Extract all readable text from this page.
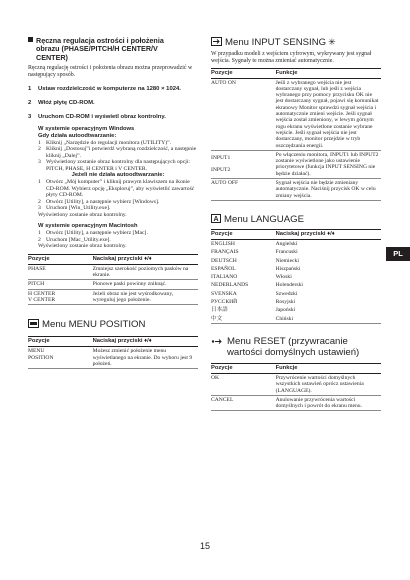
Ręczna regulacja ostrości i położenia
obrazu (PHASE/PITCH/H CENTER/V
CENTER)
Ręczną regulację ostrości i położenia obrazu można przeprowadzić w następujący sposób.
1	Ustaw rozdzielczość w komputerze na 1280 × 1024.
2	Włóż płytę CD-ROM.
3	Uruchom CD-ROM i wyświetl obraz kontrolny.
W systemie operacyjnym Windows
Gdy działa autoodtwarzanie:
1 Kliknij „Narzędzie do regulacji monitora (UTILITY)”.
2 Kliknij „Dostosuj”i potwierdź wybraną rozdzielczość, a następnie kliknij „Dalej”.
3 Wyświetlony zostanie obraz kontrolny dla następujących opcji: PITCH, PHASE, H CENTER i V CENTER.
Jeżeli nie działa autoodtwarzanie:
1 Otwórz „Mój komputer” i kliknij prawym klawiszem na ikonie CD-ROM. Wybierz opcję „Eksploruj”, aby wyświetlić zawartość płyty CD-ROM.
2 Otwórz [Utility], a następnie wybierz [Windows].
3 Uruchom [Win_Utility.exe].
Wyświetlony zostanie obraz kontrolny.
W systemie operacyjnym Macintosh
1 Otwórz [Utility], a następnie wybierz [Mac].
2 Uruchom [Mac_Utility.exe].
Wyświetlony zostanie obraz kontrolny.
Pozycje	Naciskaj przyciski ♦/♦
PHASE	Zmniejsz szerokość poziomych pasków na ekranie.
PITCH	Pionowe paski powinny zniknąć.
H CENTER
V CENTER	Jeżeli obraz nie jest wyśrodkowany, wyreguluj jego położenie.
Menu MENU POSITION
Pozycje	Naciskaj przyciski ♦/♦
MENU
POSITION	Możesz zmienić położenie menu wyświetlanego na ekranie. Do wyboru jest 9 położeń.
Menu INPUT SENSING ✳
W przypadku modeli z wejściem cyfrowym, wykrywany jest sygnał wejścia. Sygnały te można zmieniać automatycznie.
Pozycje	Funkcje
AUTO ON	Jeśli z wybranego wejścia nie jest dostarczany sygnał, lub jeśli z wejścia wybranego przy pomocy przycisku OK nie jest dostarczany sygnał, pojawi się komunikat ekranowy Monitor sprawdzi sygnał wejścia i automatycznie zmieni wejście. Jeśli sygnał wejścia został zmieniony, w lewym górnym rogu ekranu wyświetlone zostanie wybrane wejście. Jeśli sygnał wejścia nie jest dostarczany, monitor przejdzie w tryb oszczędzania energii.
INPUT1
INPUT2	Po włączeniu monitora, INPUT1 lub INPUT2 zostanie wyświetlone jako ustawienie priorytetowe (funkcja INPUT SENSING nie będzie działać).
AUTO OFF	Sygnał wejścia nie będzie zmieniany automatycznie. Naciśnij przycisk OK w celu zmiany wejścia.
A Menu LANGUAGE
Pozycje	Naciskaj przyciski ♦/♦
ENGLISH	Angielski
FRANÇAIS	Francuski
DEUTSCH	Niemiecki
ESPAÑOL	Hiszpański
ITALIANO	Włoski
NEDERLANDS	Holenderski
SVENSKA	Szwedzki
РУССКИЙ	Rosyjski
日本語	Japoński
中文	Chiński
Menu RESET (przywracanie
wartości domyślnych ustawień)
Pozycje	Funkcje
OK	Przywrócenie wartości domyślnych wszystkich ustawień oprócz ustawienia (LANGUAGE).
CANCEL	Anulowanie przywrócenia wartości domyślnych i powrót do ekranu menu.
PL
15
